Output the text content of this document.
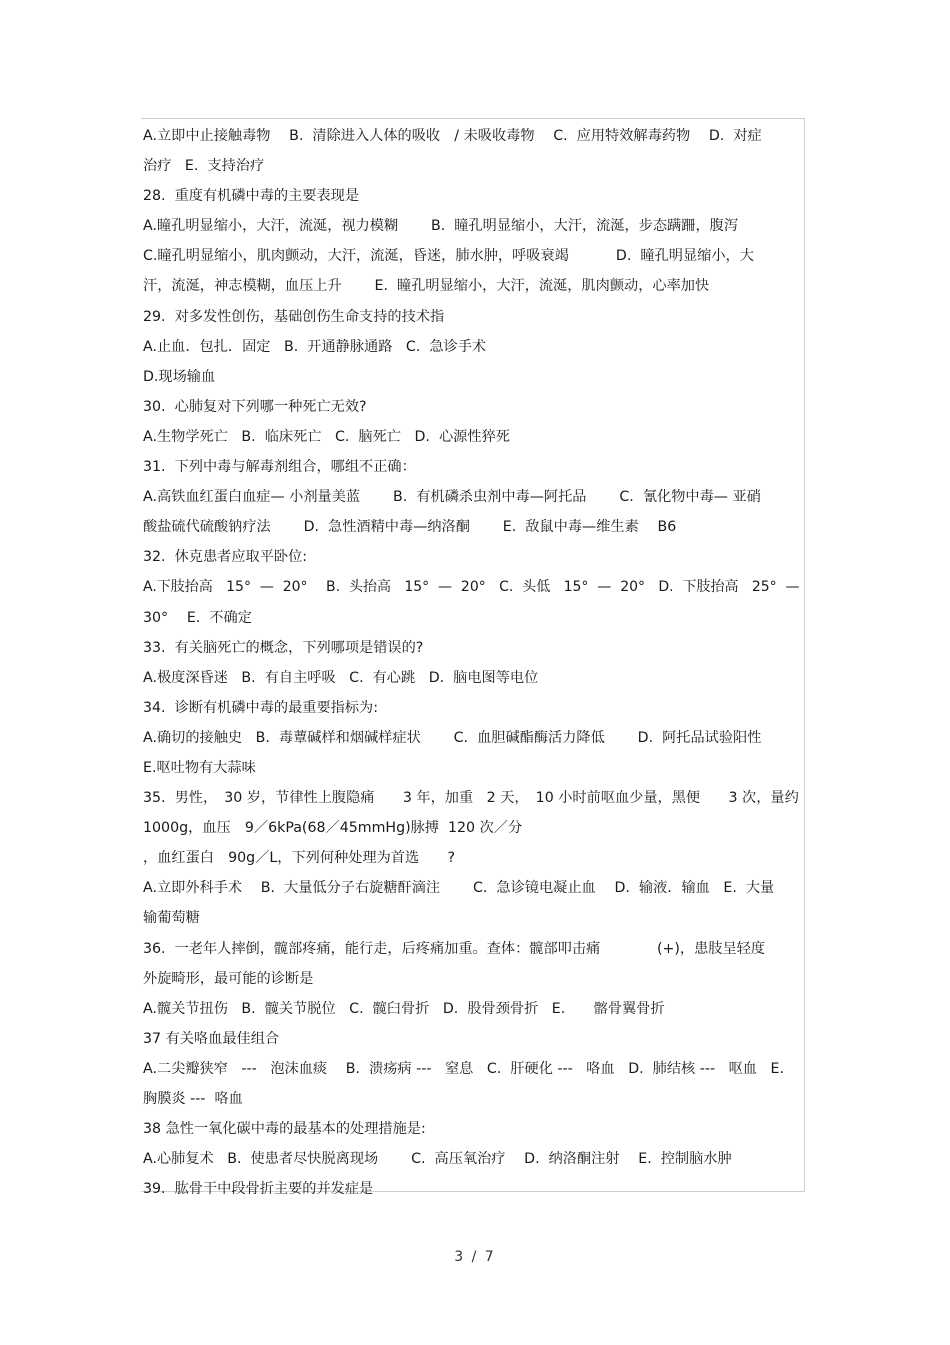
A.立即中止接触毒物　 B.  清除进入人体的吸收　/ 未吸收毒物　 C.  应用特效解毒药物　 D.  对症
治疗   E.  支持治疗
28.  重度有机磷中毒的主要表现是
A.瞳孔明显缩小，大汗，流涎，视力模糊　　 B.  瞳孔明显缩小，大汗，流涎，步态蹒跚，腹泻
C.瞳孔明显缩小，肌肉颤动，大汗，流涎，昏迷，肺水肿，呼吸衰竭　　　 D.  瞳孔明显缩小，大
汗，流涎，神志模糊，血压上升　　 E.  瞳孔明显缩小，大汗，流涎，肌肉颤动，心率加快
29.  对多发性创伤，基础创伤生命支持的技术指
A.止血．包扎．固定   B.  开通静脉通路   C.  急诊手术
D.现场输血
30.  心肺复对下列哪一种死亡无效?
A.生物学死亡   B.  临床死亡   C.  脑死亡   D.  心源性猝死
31.  下列中毒与解毒剂组合，哪组不正确：
A.高铁血红蛋白血症— 小剂量美蓝　　 B.  有机磷杀虫剂中毒—阿托品　　 C.  氰化物中毒— 亚硝
酸盐硫代硫酸钠疗法　　 D.  急性酒精中毒—纳洛酮　　 E.  敌鼠中毒—维生素　 B6
32.  休克患者应取平卧位:
A.下肢抬高   15°  —  20°　 B.  头抬高   15°  —  20°   C.  头低   15°  —  20°   D.  下肢抬高   25°  —
30°　 E.  不确定
33.  有关脑死亡的概念，下列哪项是错误的?
A.极度深昏迷   B.  有自主呼吸   C.  有心跳   D.  脑电图等电位
34.  诊断有机磷中毒的最重要指标为:
A.确切的接触史   B.  毒蕈碱样和烟碱样症状　　 C.  血胆碱酯酶活力降低　　 D.  阿托品试验阳性
E.呕吐物有大蒜味
35.  男性，　30 岁，节律性上腹隐痛　　3 年，加重   2 天，　10 小时前呕血少量，黑便　　3 次，量约
1000g，血压　9／6kPa(68／45mmHg)脉搏  120 次／分
，血红蛋白　90g／L，下列何种处理为首选　　?
A.立即外科手术　 B.  大量低分子右旋糖酐滴注　　 C.  急诊镜电凝止血　 D.  输液．输血   E.  大量
输葡萄糖
36.  一老年人摔倒，髋部疼痛，能行走，后疼痛加重。查体：髋部叩击痛　　　　(+)，患肢呈轻度
外旋畸形，最可能的诊断是
A.髋关节扭伤   B.  髋关节脱位   C.  髋臼骨折   D.  股骨颈骨折   E.　　髂骨翼骨折
37 有关咯血最佳组合
A.二尖瓣狭窄   ---   泡沫血痰　 B.  溃疡病 ---   窒息   C.  肝硬化 ---   咯血   D.  肺结核 ---   呕血   E.
胸膜炎 ---  咯血
38 急性一氧化碳中毒的最基本的处理措施是:
A.心肺复术   B.  使患者尽快脱离现场　　 C.  高压氧治疗　 D.  纳洛酮注射　 E.  控制脑水肿
39.  肱骨干中段骨折主要的并发症是
3 / 7
